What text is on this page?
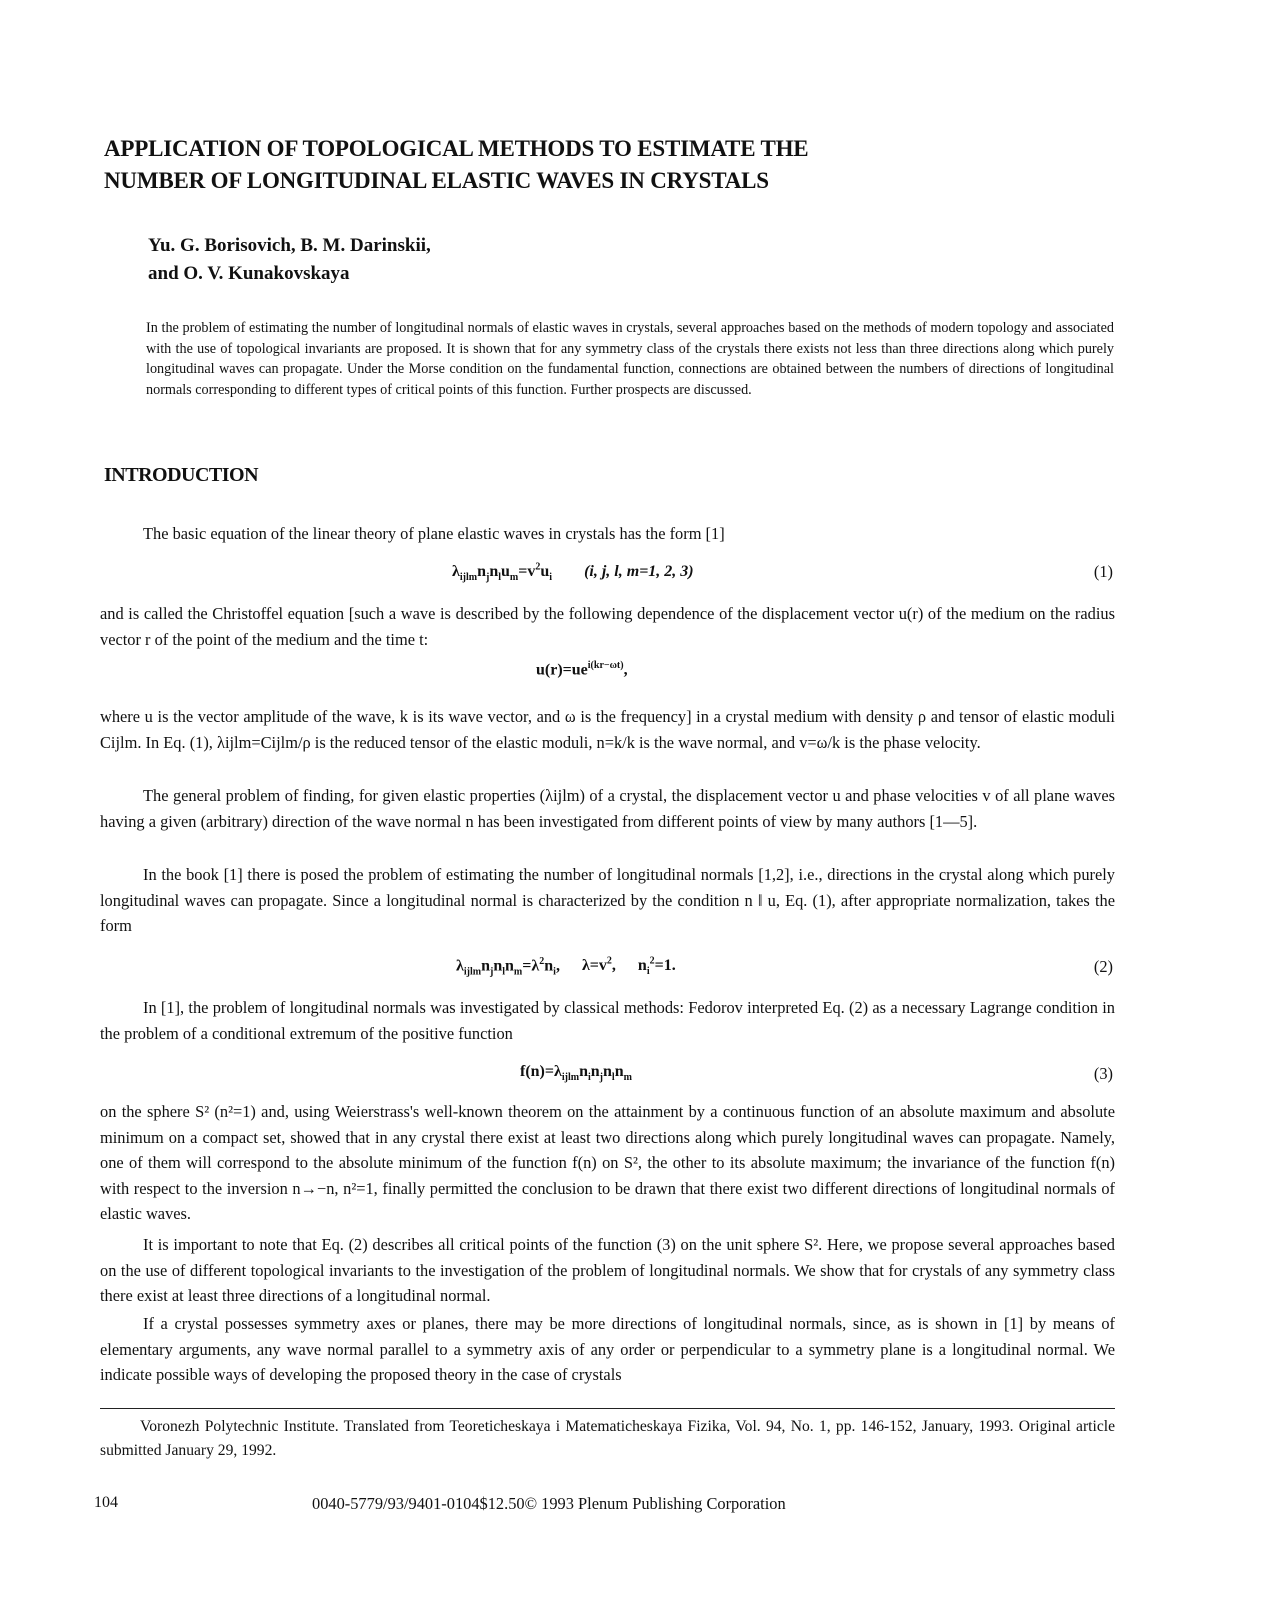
APPLICATION OF TOPOLOGICAL METHODS TO ESTIMATE THE
NUMBER OF LONGITUDINAL ELASTIC WAVES IN CRYSTALS
Yu. G. Borisovich, B. M. Darinskii,
and O. V. Kunakovskaya
In the problem of estimating the number of longitudinal normals of elastic waves in crystals, several approaches based on the methods of modern topology and associated with the use of topological invariants are proposed. It is shown that for any symmetry class of the crystals there exists not less than three directions along which purely longitudinal waves can propagate. Under the Morse condition on the fundamental function, connections are obtained between the numbers of directions of longitudinal normals corresponding to different types of critical points of this function. Further prospects are discussed.
INTRODUCTION

The basic equation of the linear theory of plane elastic waves in crystals has the form [1]

$\lambda_{ijlm}n_jn_lu_m=v^2u_i$ (i, j, l, m=1, 2, 3)	(1)

and is called the Christoffel equation [such a wave is described by the following dependence of the displacement vector u(r) of the medium on the radius vector r of the point of the medium and the time t:

$u(r)=ue^{i(kr-\omega t)}$,

where u is the vector amplitude of the wave, k is its wave vector, and ω is the frequency] in a crystal medium with density ρ and tensor of elastic moduli Cijlm. In Eq. (1), λijlm=Cijlm/ρ is the reduced tensor of the elastic moduli, n=k/k is the wave normal, and v=ω/k is the phase velocity.

The general problem of finding, for given elastic properties (λijlm) of a crystal, the displacement vector u and phase velocities v of all plane waves having a given (arbitrary) direction of the wave normal n has been investigated from different points of view by many authors [1—5].

In the book [1] there is posed the problem of estimating the number of longitudinal normals [1,2], i.e., directions in the crystal along which purely longitudinal waves can propagate. Since a longitudinal normal is characterized by the condition n ‖ u, Eq. (1), after appropriate normalization, takes the form

$\lambda_{ijlm}n_jn_ln_m=\lambda^2n_i$, $\lambda=v^2$, $n_i^2=1$.	(2)

In [1], the problem of longitudinal normals was investigated by classical methods: Fedorov interpreted Eq. (2) as a necessary Lagrange condition in the problem of a conditional extremum of the positive function

$f(n)=\lambda_{ijlm}n_in_jn_ln_m$	(3)

on the sphere S² (n²=1) and, using Weierstrass's well-known theorem on the attainment by a continuous function of an absolute maximum and absolute minimum on a compact set, showed that in any crystal there exist at least two directions along which purely longitudinal waves can propagate. Namely, one of them will correspond to the absolute minimum of the function f(n) on S², the other to its absolute maximum; the invariance of the function f(n) with respect to the inversion n→−n, n²=1, finally permitted the conclusion to be drawn that there exist two different directions of longitudinal normals of elastic waves.

It is important to note that Eq. (2) describes all critical points of the function (3) on the unit sphere S². Here, we propose several approaches based on the use of different topological invariants to the investigation of the problem of longitudinal normals. We show that for crystals of any symmetry class there exist at least three directions of a longitudinal normal.

If a crystal possesses symmetry axes or planes, there may be more directions of longitudinal normals, since, as is shown in [1] by means of elementary arguments, any wave normal parallel to a symmetry axis of any order or perpendicular to a symmetry plane is a longitudinal normal. We indicate possible ways of developing the proposed theory in the case of crystals

Voronezh Polytechnic Institute. Translated from Teoreticheskaya i Matematicheskaya Fizika, Vol. 94, No. 1, pp. 146-152, January, 1993. Original article submitted January 29, 1992.

104	0040-5779/93/9401-0104$12.50© 1993 Plenum Publishing Corporation
